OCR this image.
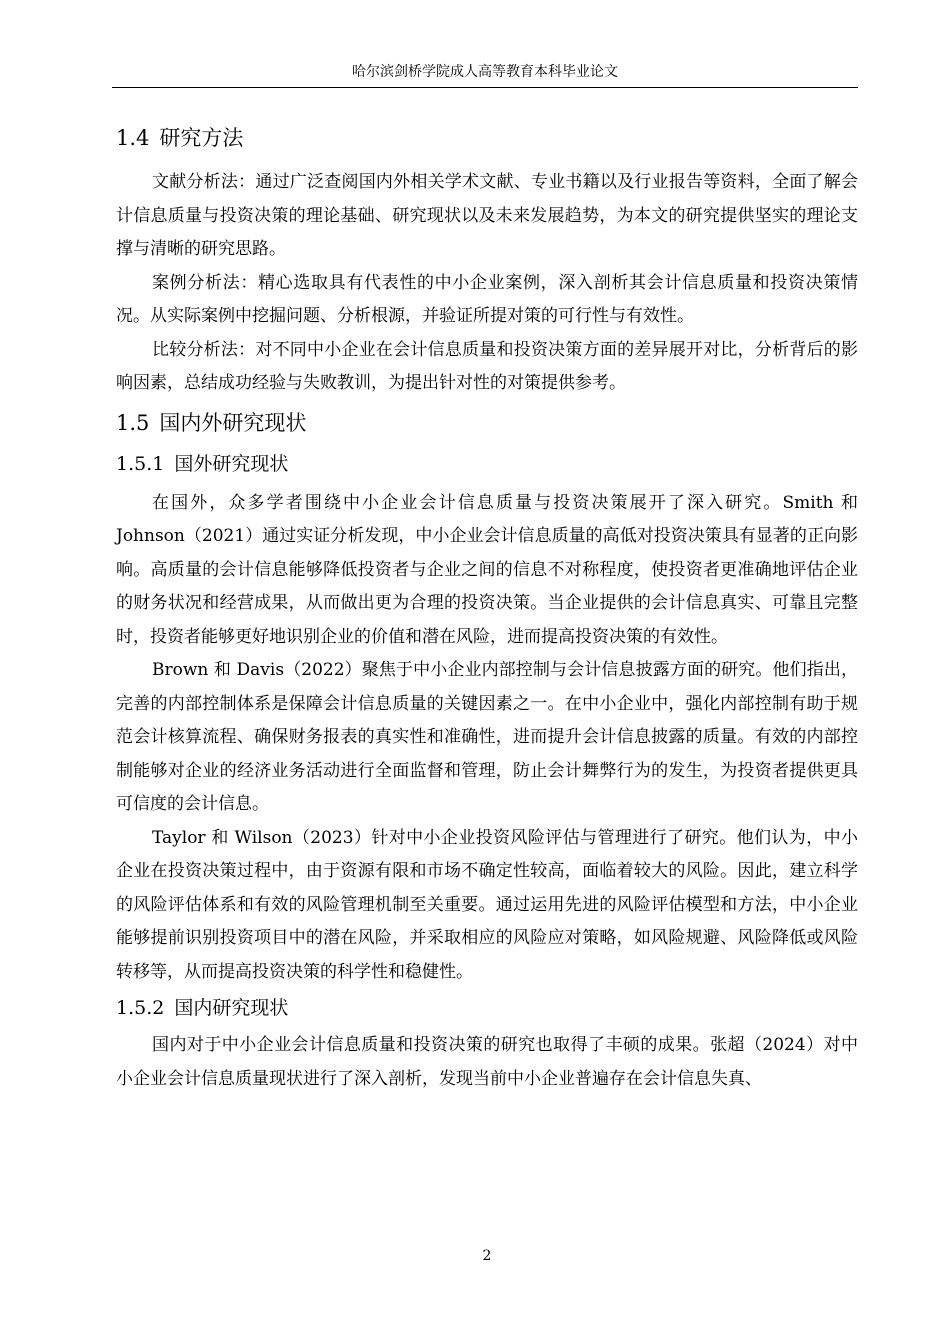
哈尔滨剑桥学院成人高等教育本科毕业论文
1.4 研究方法

文献分析法：通过广泛查阅国内外相关学术文献、专业书籍以及行业报告等资料，全面了解会计信息质量与投资决策的理论基础、研究现状以及未来发展趋势，为本文的研究提供坚实的理论支撑与清晰的研究思路。

案例分析法：精心选取具有代表性的中小企业案例，深入剖析其会计信息质量和投资决策情况。从实际案例中挖掘问题、分析根源，并验证所提对策的可行性与有效性。

比较分析法：对不同中小企业在会计信息质量和投资决策方面的差异展开对比，分析背后的影响因素，总结成功经验与失败教训，为提出针对性的对策提供参考。

1.5 国内外研究现状
1.5.1 国外研究现状

在国外，众多学者围绕中小企业会计信息质量与投资决策展开了深入研究。Smith 和 Johnson（2021）通过实证分析发现，中小企业会计信息质量的高低对投资决策具有显著的正向影响。高质量的会计信息能够降低投资者与企业之间的信息不对称程度，使投资者更准确地评估企业的财务状况和经营成果，从而做出更为合理的投资决策。当企业提供的会计信息真实、可靠且完整时，投资者能够更好地识别企业的价值和潜在风险，进而提高投资决策的有效性。

Brown 和 Davis（2022）聚焦于中小企业内部控制与会计信息披露方面的研究。他们指出，完善的内部控制体系是保障会计信息质量的关键因素之一。在中小企业中，强化内部控制有助于规范会计核算流程、确保财务报表的真实性和准确性，进而提升会计信息披露的质量。有效的内部控制能够对企业的经济业务活动进行全面监督和管理，防止会计舞弊行为的发生，为投资者提供更具可信度的会计信息。

Taylor 和 Wilson（2023）针对中小企业投资风险评估与管理进行了研究。他们认为，中小企业在投资决策过程中，由于资源有限和市场不确定性较高，面临着较大的风险。因此，建立科学的风险评估体系和有效的风险管理机制至关重要。通过运用先进的风险评估模型和方法，中小企业能够提前识别投资项目中的潜在风险，并采取相应的风险应对策略，如风险规避、风险降低或风险转移等，从而提高投资决策的科学性和稳健性。

1.5.2 国内研究现状

国内对于中小企业会计信息质量和投资决策的研究也取得了丰硕的成果。张超（2024）对中小企业会计信息质量现状进行了深入剖析，发现当前中小企业普遍存在会计信息失真、

2
